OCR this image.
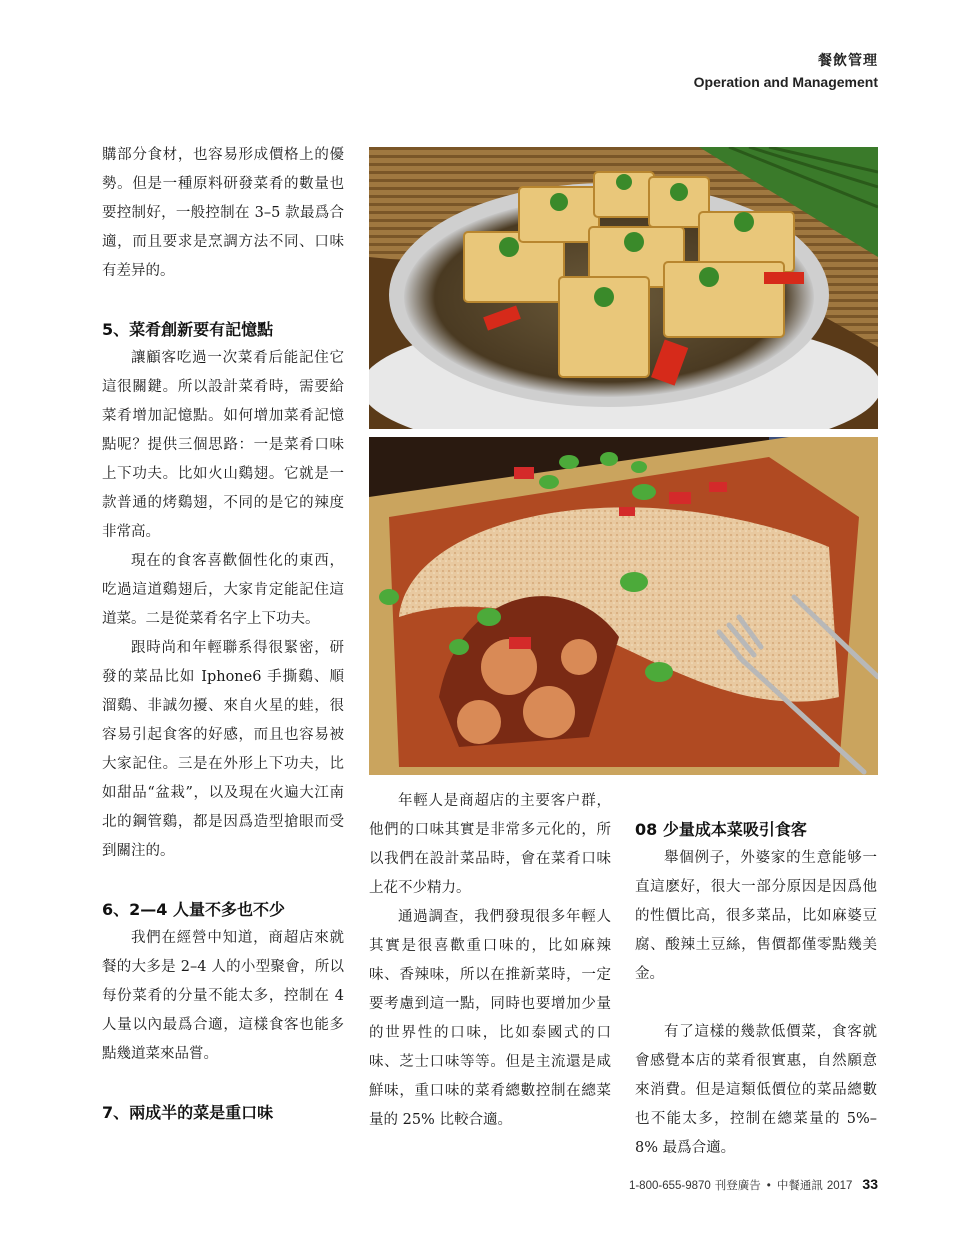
餐飲管理
Operation and Management

購部分食材，也容易形成價格上的優勢。但是一種原料研發菜肴的數量也要控制好，一般控制在 3–5 款最爲合適，而且要求是烹調方法不同、口味有差异的。

5、菜肴創新要有記憶點

讓顧客吃過一次菜肴后能記住它這很關鍵。所以設計菜肴時，需要給菜肴增加記憶點。如何增加菜肴記憶點呢？提供三個思路：一是菜肴口味上下功夫。比如火山鷄翅。它就是一款普通的烤鷄翅，不同的是它的辣度非常高。

現在的食客喜歡個性化的東西，吃過這道鷄翅后，大家肯定能記住這道菜。二是從菜肴名字上下功夫。

跟時尚和年輕聯系得很緊密，研發的菜品比如 Iphone6 手撕鷄、順溜鷄、非誠勿擾、來自火星的蛙，很容易引起食客的好感，而且也容易被大家記住。三是在外形上下功夫，比如甜品“盆栽”，以及現在火遍大江南北的鋼管鷄，都是因爲造型搶眼而受到關注的。

6、2—4 人量不多也不少

我們在經營中知道，商超店來就餐的大多是 2–4 人的小型聚會，所以每份菜肴的分量不能太多，控制在 4 人量以內最爲合適，這樣食客也能多點幾道菜來品嘗。

7、兩成半的菜是重口味

年輕人是商超店的主要客户群，他們的口味其實是非常多元化的，所以我們在設計菜品時，會在菜肴口味上花不少精力。

通過調查，我們發現很多年輕人其實是很喜歡重口味的，比如麻辣味、香辣味，所以在推新菜時，一定要考慮到這一點，同時也要增加少量的世界性的口味，比如泰國式的口味、芝士口味等等。但是主流還是咸鮮味，重口味的菜肴總數控制在總菜量的 25% 比較合適。

08 少量成本菜吸引食客

舉個例子，外婆家的生意能够一直這麽好，很大一部分原因是因爲他的性價比高，很多菜品，比如麻婆豆腐、酸辣土豆絲，售價都僅零點幾美金。

有了這樣的幾款低價菜，食客就會感覺本店的菜肴很實惠，自然願意來消費。但是這類低價位的菜品總數也不能太多，控制在總菜量的 5%–8% 最爲合適。

1-800-655-9870 刊登廣告 • 中餐通訊 2017 33
